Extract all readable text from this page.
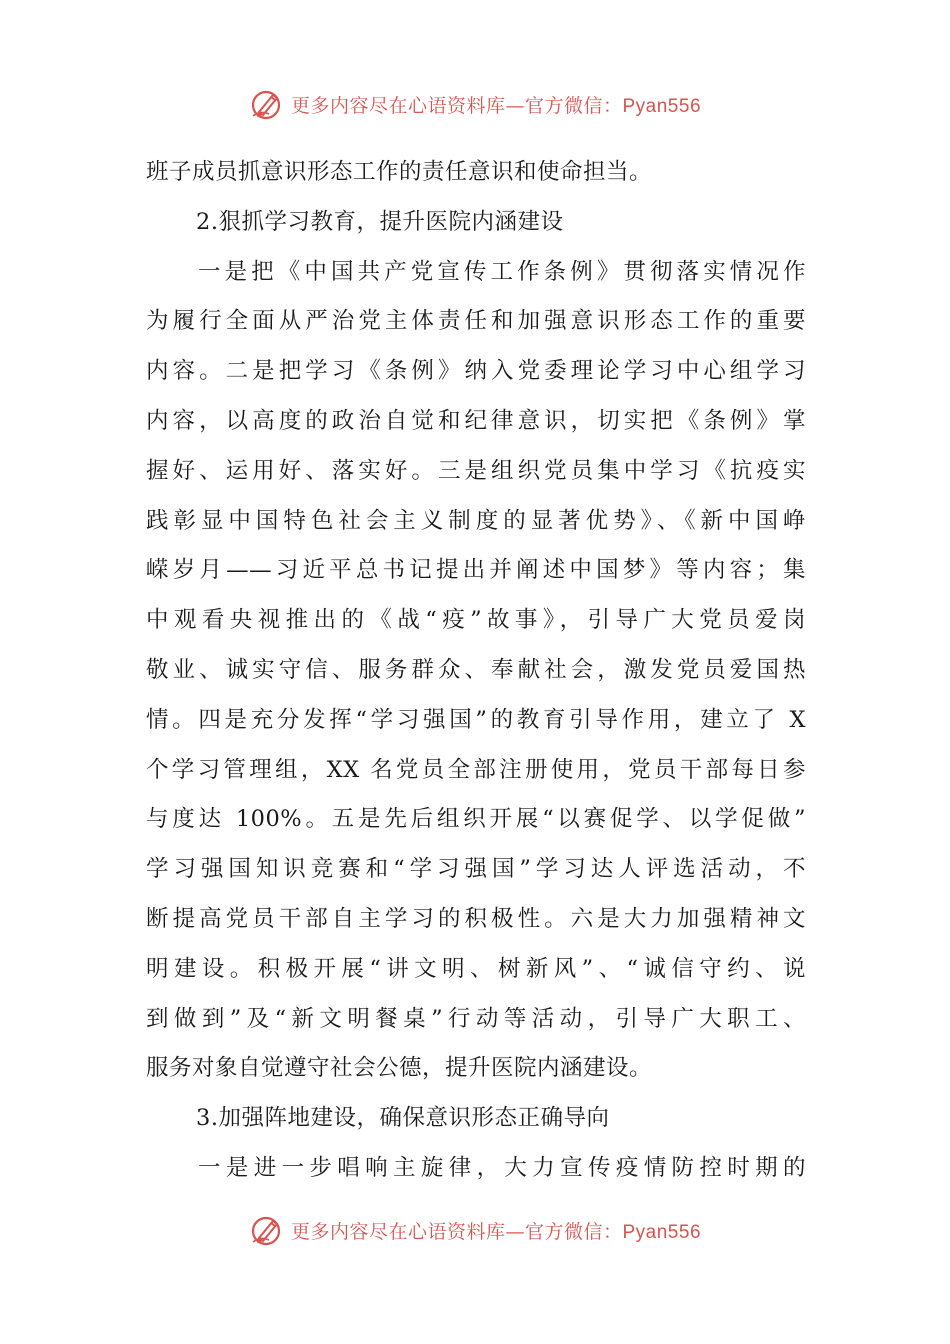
更多内容尽在心语资料库—官方微信：Pyan556
班子成员抓意识形态工作的责任意识和使命担当。
2.狠抓学习教育，提升医院内涵建设
一是把《中国共产党宣传工作条例》贯彻落实情况作
为履行全面从严治党主体责任和加强意识形态工作的重要
内容。二是把学习《条例》纳入党委理论学习中心组学习
内容，以高度的政治自觉和纪律意识，切实把《条例》掌
握好、运用好、落实好。三是组织党员集中学习《抗疫实
践彰显中国特色社会主义制度的显著优势》、《新中国峥
嵘岁月——习近平总书记提出并阐述中国梦》等内容；集
中观看央视推出的《战“疫”故事》，引导广大党员爱岗
敬业、诚实守信、服务群众、奉献社会，激发党员爱国热
情。四是充分发挥“学习强国”的教育引导作用，建立了 X
个学习管理组，XX 名党员全部注册使用，党员干部每日参
与度达 100%。五是先后组织开展“以赛促学、以学促做”
学习强国知识竞赛和“学习强国”学习达人评选活动，不
断提高党员干部自主学习的积极性。六是大力加强精神文
明建设。积极开展“讲文明、树新风”、“诚信守约、说
到做到”及“新文明餐桌”行动等活动，引导广大职工、
服务对象自觉遵守社会公德，提升医院内涵建设。
3.加强阵地建设，确保意识形态正确导向
一是进一步唱响主旋律，大力宣传疫情防控时期的
更多内容尽在心语资料库—官方微信：Pyan556
